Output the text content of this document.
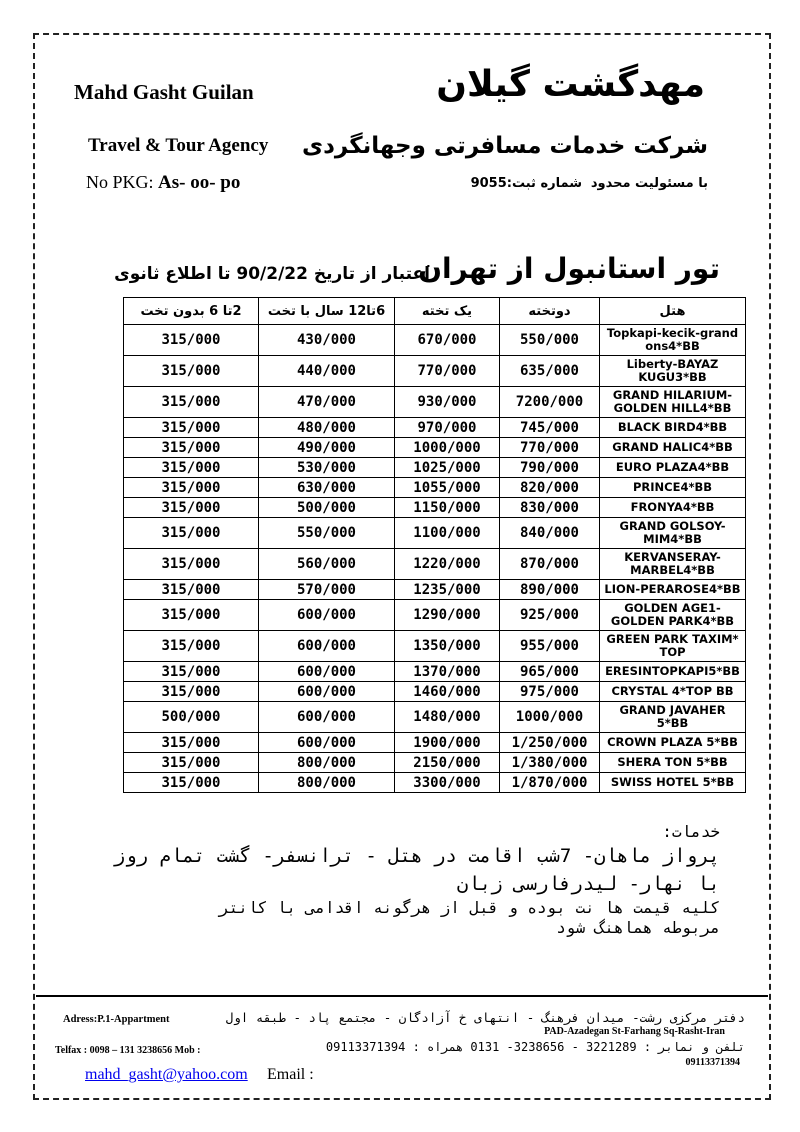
Mahd Gasht Guilan	مهدگشت گیلان
Travel & Tour Agency شرکت خدمات مسافرتی وجهانگردی
No PKG: As- oo- po	با مسئولیت محدود
شماره ثبت:9055
تور استانبول از تهران
اعتبار از تاریخ 90/2/22 تا اطلاع ثانوی
2تا 6 بدون تخت	6تا12 سال با تخت	یک تخته	دوتخته	هتل
315/000	430/000	670/000	550/000	Topkapi-kecik-grand ons4*BB
315/000	440/000	770/000	635/000	Liberty-BAYAZ KUGU3*BB
315/000	470/000	930/000	7200/000	GRAND HILARIUM-GOLDEN HILL4*BB
315/000	480/000	970/000	745/000	BLACK BIRD4*BB
315/000	490/000	1000/000	770/000	GRAND HALIC4*BB
315/000	530/000	1025/000	790/000	EURO PLAZA4*BB
315/000	630/000	1055/000	820/000	PRINCE4*BB
315/000	500/000	1150/000	830/000	FRONYA4*BB
315/000	550/000	1100/000	840/000	GRAND GOLSOY-MIM4*BB
315/000	560/000	1220/000	870/000	KERVANSERAY-MARBEL4*BB
315/000	570/000	1235/000	890/000	LION-PERAROSE4*BB
315/000	600/000	1290/000	925/000	GOLDEN AGE1-GOLDEN PARK4*BB
315/000	600/000	1350/000	955/000	GREEN PARK TAXIM* TOP
315/000	600/000	1370/000	965/000	ERESINTOPKAPI5*BB
315/000	600/000	1460/000	975/000	CRYSTAL 4*TOP BB
500/000	600/000	1480/000	1000/000	GRAND JAVAHER 5*BB
315/000	600/000	1900/000	1/250/000	CROWN PLAZA 5*BB
315/000	800/000	2150/000	1/380/000	SHERA TON 5*BB
315/000	800/000	3300/000	1/870/000	SWISS HOTEL 5*BB
خدمات:
پرواز ماهان- 7شب اقامت در هتل - ترانسفر- گشت تمام روز
با نهار- لیدرفارسی زبان
کلیه قیمت ها نت بوده و قبل از هرگونه اقدامی با کانتر
مربوطه هماهنگ شود
Adress:P.1-Appartment	دفتر مرکزی رشت- میدان فرهنگ - انتهای خ آزادگان - مجتمع پاد - طبقه اول
PAD-Azadegan St-Farhang Sq-Rasht-Iran
Telfax : 0098 – 131 3238656 Mob :	تلفن و نمابر : 3221289 - 3238656- 0131 همراه : 09113371394
09113371394
mahd_gasht@yahoo.com Email :
